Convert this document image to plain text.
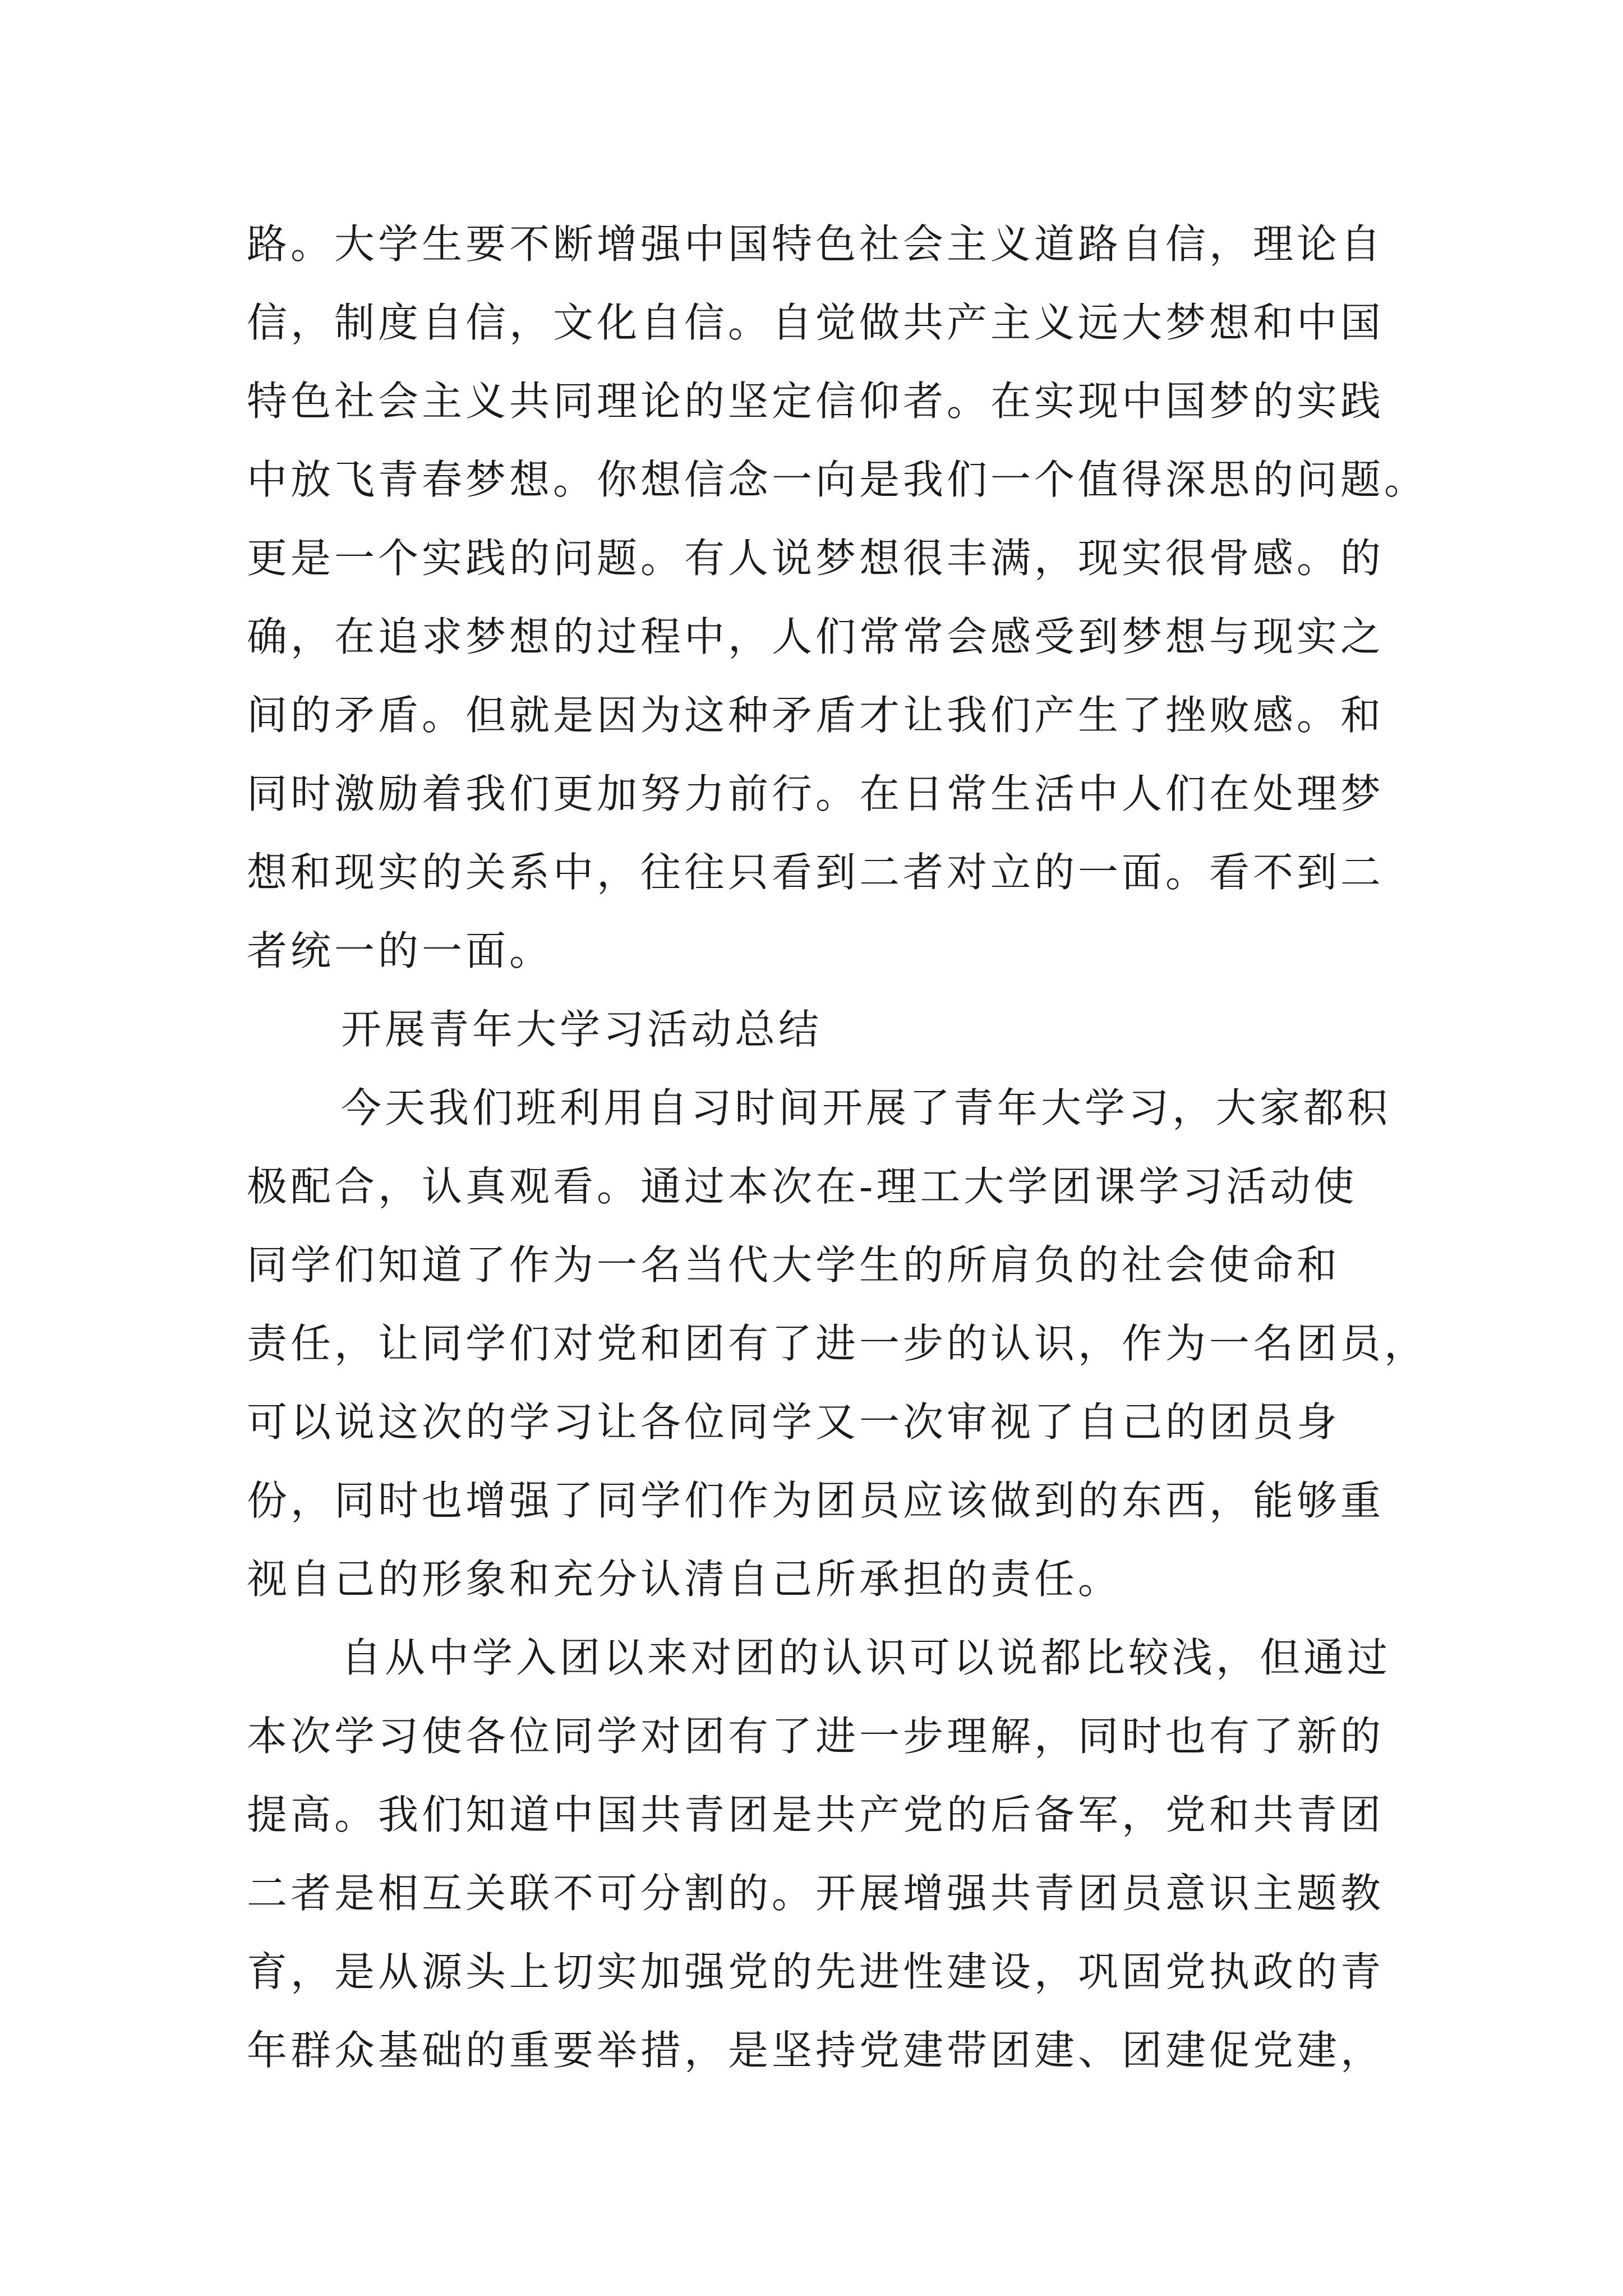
路。大学生要不断增强中国特色社会主义道路自信，理论自
信，制度自信，文化自信。自觉做共产主义远大梦想和中国
特色社会主义共同理论的坚定信仰者。在实现中国梦的实践
中放飞青春梦想。你想信念一向是我们一个值得深思的问题。
更是一个实践的问题。有人说梦想很丰满，现实很骨感。的
确，在追求梦想的过程中，人们常常会感受到梦想与现实之
间的矛盾。但就是因为这种矛盾才让我们产生了挫败感。和
同时激励着我们更加努力前行。在日常生活中人们在处理梦
想和现实的关系中，往往只看到二者对立的一面。看不到二
者统一的一面。
开展青年大学习活动总结
今天我们班利用自习时间开展了青年大学习，大家都积
极配合，认真观看。通过本次在-理工大学团课学习活动使
同学们知道了作为一名当代大学生的所肩负的社会使命和
责任，让同学们对党和团有了进一步的认识，作为一名团员，
可以说这次的学习让各位同学又一次审视了自己的团员身
份，同时也增强了同学们作为团员应该做到的东西，能够重
视自己的形象和充分认清自己所承担的责任。
自从中学入团以来对团的认识可以说都比较浅，但通过
本次学习使各位同学对团有了进一步理解，同时也有了新的
提高。我们知道中国共青团是共产党的后备军，党和共青团
二者是相互关联不可分割的。开展增强共青团员意识主题教
育，是从源头上切实加强党的先进性建设，巩固党执政的青
年群众基础的重要举措，是坚持党建带团建、团建促党建，
